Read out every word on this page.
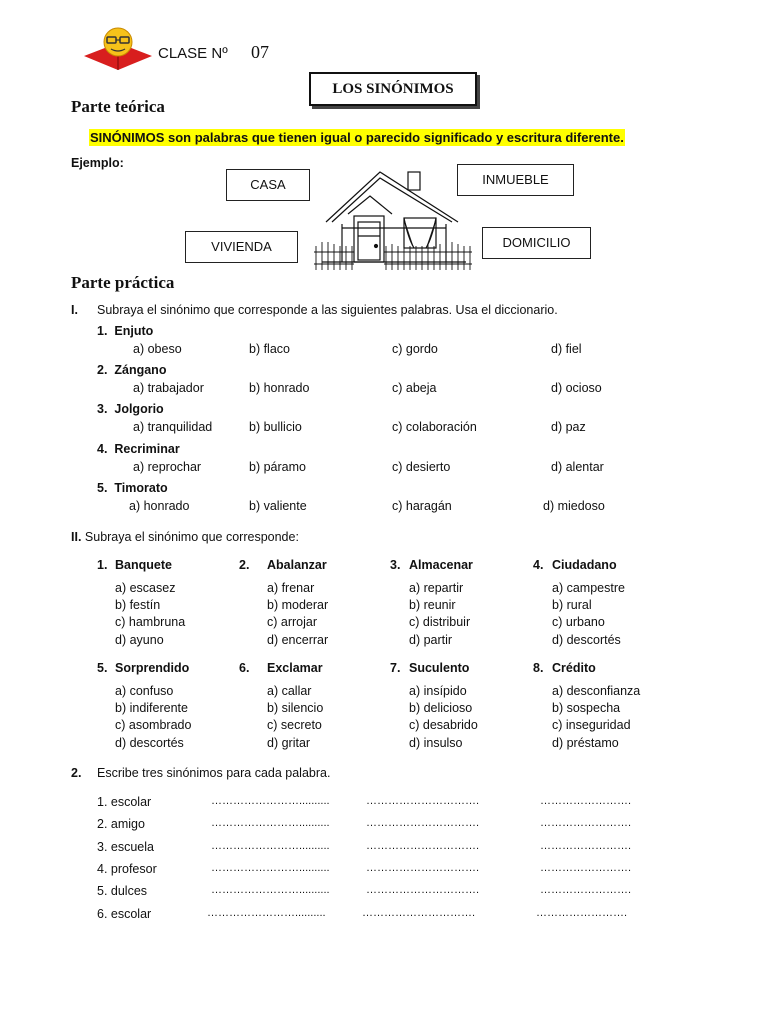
CLASE Nº 07
LOS SINÓNIMOS
Parte teórica
SINÓNIMOS son palabras que tienen igual o parecido significado y escritura diferente.
Ejemplo:
CASA	INMUEBLE
VIVIENDA	DOMICILIO
Parte práctica
I. Subraya el sinónimo que corresponde a las siguientes palabras. Usa el diccionario.
1.  Enjuto
a) obeso	b) flaco	c) gordo	d) fiel
2.  Zángano
a) trabajador	b) honrado	c) abeja	d) ocioso
3.  Jolgorio
a) tranquilidad	b) bullicio	c) colaboración	d) paz
4.  Recriminar
a) reprochar	b) páramo	c) desierto	d) alentar
5.  Timorato
a) honrado	b) valiente	c) haragán	d) miedoso
II. Subraya el sinónimo que corresponde:
1. Banquete
a) escasez
b) festín
c) hambruna
d) ayuno
2. Abalanzar
a) frenar
b) moderar
c) arrojar
d) encerrar
3. Almacenar
a) repartir
b) reunir
c) distribuir
d) partir
4. Ciudadano
a) campestre
b) rural
c) urbano
d) descortés
5. Sorprendido
a) confuso
b) indiferente
c) asombrado
d) descortés
6. Exclamar
a) callar
b) silencio
c) secreto
d) gritar
7. Suculento
a) insípido
b) delicioso
c) desabrido
d) insulso
8. Crédito
a) desconfianza
b) sospecha
c) inseguridad
d) préstamo
2. Escribe tres sinónimos para cada palabra.
1. escolar	……………………..........	………………………….	…………………….
2. amigo	……………………..........	………………………….	…………………….
3. escuela	……………………..........	………………………….	…………………….
4. profesor	……………………..........	………………………….	…………………….
5. dulces	……………………..........	………………………….	…………………….
6. escolar	……………………..........	………………………….	…………………….
